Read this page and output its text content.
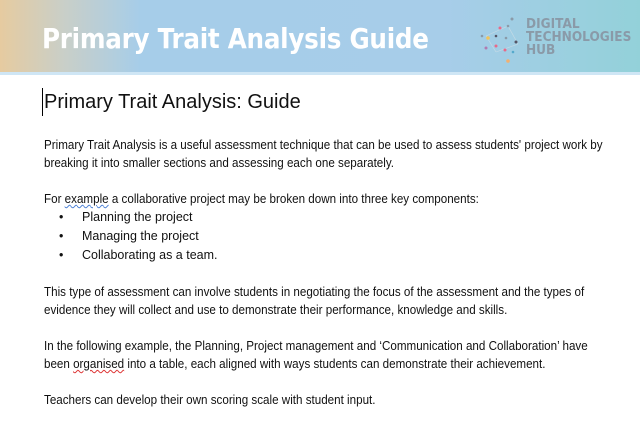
Primary Trait Analysis Guide	DIGITAL
TECHNOLOGIES
HUB
Primary Trait Analysis: Guide

Primary Trait Analysis is a useful assessment technique that can be used to assess students' project work by breaking it into smaller sections and assessing each one separately.

For example a collaborative project may be broken down into three key components:

• Planning the project
• Managing the project
• Collaborating as a team.

This type of assessment can involve students in negotiating the focus of the assessment and the types of evidence they will collect and use to demonstrate their performance, knowledge and skills.

In the following example, the Planning, Project management and ‘Communication and Collaboration’ have been organised into a table, each aligned with ways students can demonstrate their achievement.

Teachers can develop their own scoring scale with student input.
